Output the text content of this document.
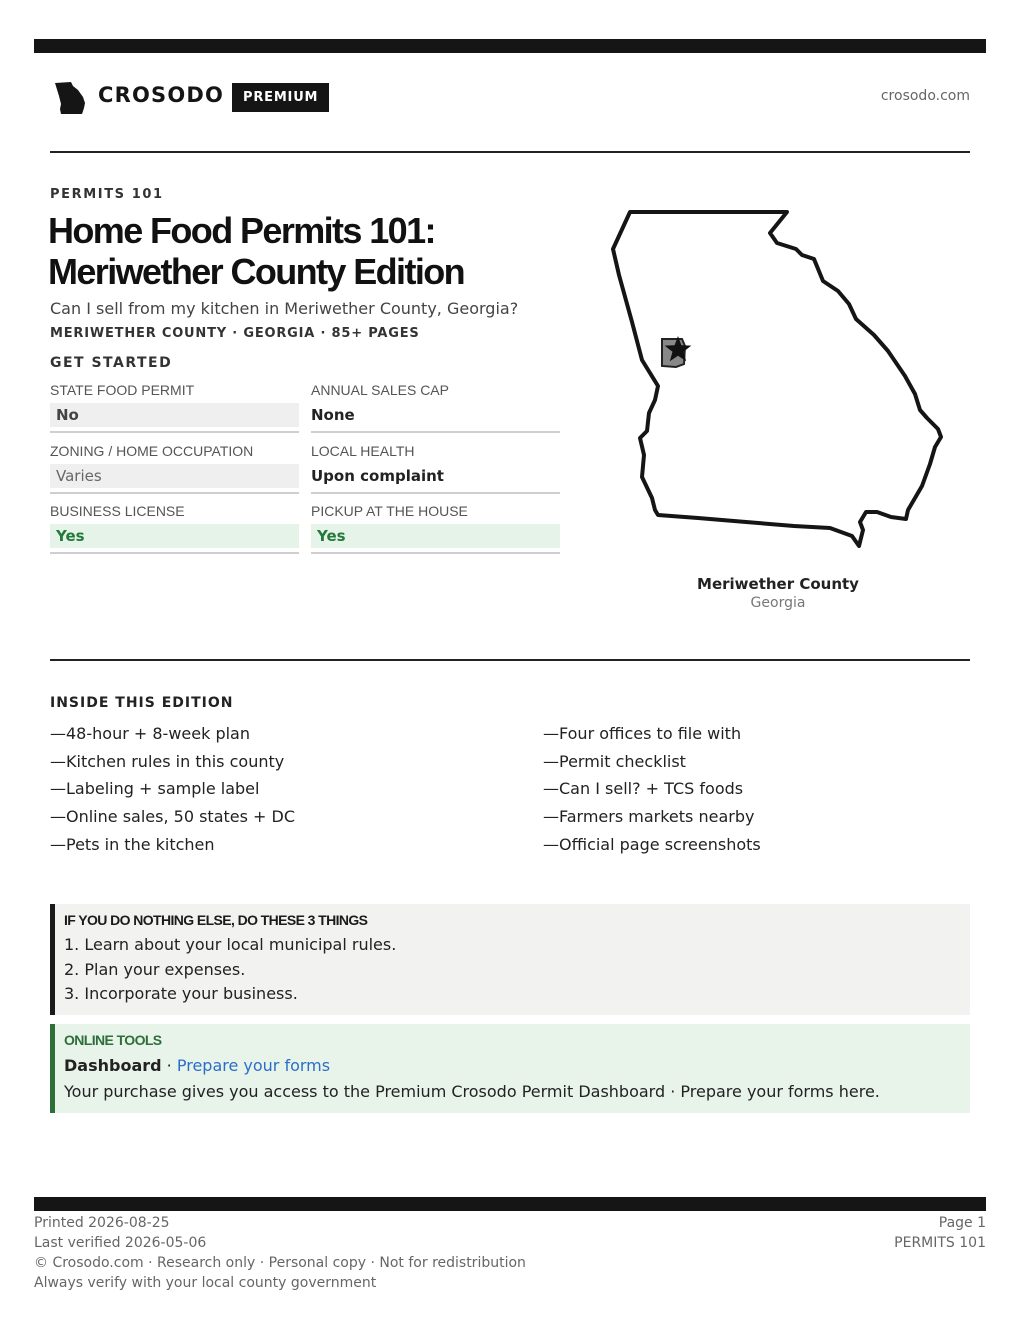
CROSODO	PREMIUM	crosodo.com
PERMITS 101
Home Food Permits 101:
Meriwether County Edition
Can I sell from my kitchen in Meriwether County, Georgia?
MERIWETHER COUNTY · GEORGIA · 85+ PAGES
GET STARTED
STATE FOOD PERMIT
No
ANNUAL SALES CAP
None
ZONING / HOME OCCUPATION
Varies
LOCAL HEALTH
Upon complaint
BUSINESS LICENSE
Yes
PICKUP AT THE HOUSE
Yes
Meriwether County
Georgia
INSIDE THIS EDITION
—48-hour + 8-week plan
—Kitchen rules in this county
—Labeling + sample label
—Online sales, 50 states + DC
—Pets in the kitchen
—Four offices to file with
—Permit checklist
—Can I sell? + TCS foods
—Farmers markets nearby
—Official page screenshots
IF YOU DO NOTHING ELSE, DO THESE 3 THINGS
1. Learn about your local municipal rules.
2. Plan your expenses.
3. Incorporate your business.
ONLINE TOOLS
Dashboard · Prepare your forms
Your purchase gives you access to the Premium Crosodo Permit Dashboard · Prepare your forms here.
Printed 2026-08-25
Last verified 2026-05-06
© Crosodo.com · Research only · Personal copy · Not for redistribution
Always verify with your local county government
Page 1
PERMITS 101
